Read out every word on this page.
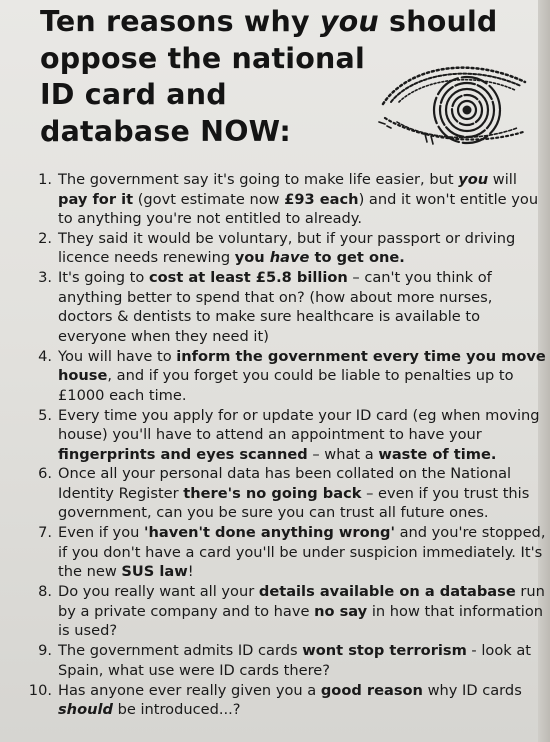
Ten reasons why you should
oppose the national
ID card and
database NOW:
1. The government say it's going to make life easier, but you will pay for it (govt estimate now £93 each) and it won't entitle you to anything you're not entitled to already.
2. They said it would be voluntary, but if your passport or driving licence needs renewing you have to get one.
3. It's going to cost at least £5.8 billion – can't you think of anything better to spend that on? (how about more nurses, doctors & dentists to make sure healthcare is available to everyone when they need it)
4. You will have to inform the government every time you move house, and if you forget you could be liable to penalties up to £1000 each time.
5. Every time you apply for or update your ID card (eg when moving house) you'll have to attend an appointment to have your fingerprints and eyes scanned – what a waste of time.
6. Once all your personal data has been collated on the National Identity Register there's no going back – even if you trust this government, can you be sure you can trust all future ones.
7. Even if you 'haven't done anything wrong' and you're stopped, if you don't have a card you'll be under suspicion immediately. It's the new SUS law!
8. Do you really want all your details available on a database run by a private company and to have no say in how that information is used?
9. The government admits ID cards wont stop terrorism - look at Spain, what use were ID cards there?
10. Has anyone ever really given you a good reason why ID cards should be introduced...?
